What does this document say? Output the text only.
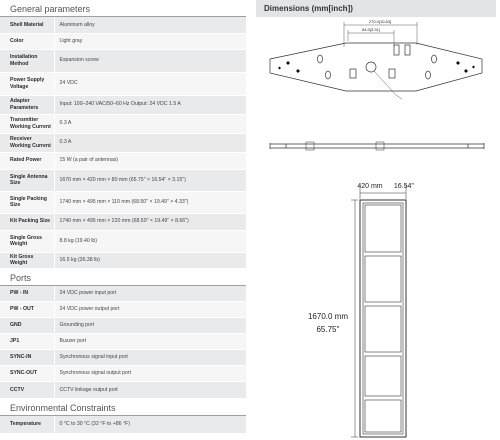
General parameters
Shell Material	Aluminum alloy
Color	Light gray
Installation Method	Expansion screw
Power Supply Voltage	24 VDC
Adapter Parameters	Input: 100–240 VAC/50–60 Hz Output: 24 VDC 1.5 A
Transmitter Working Current	0.3 A
Receiver Working Current	0.3 A
Rated Power	15 W (a pair of antennas)
Single Antenna Size	1670 mm × 420 mm × 80 mm (65.75" × 16.54" × 3.15")
Single Packing Size	1740 mm × 495 mm × 110 mm (68.50" × 19.49" × 4.33")
Kit Packing Size	1740 mm × 495 mm × 220 mm (68.50" × 19.49" × 8.66")
Single Gross Weight	8.8 kg (19.40 lb)
Kit Gross Weight	16.5 kg (36.38 lb)
Ports
PW - IN	24 VDC power input port
PW - OUT	24 VDC power output port
GND	Grounding port
JP1	Buzzer port
SYNC-IN	Synchronous signal input port
SYNC-OUT	Synchronous signal output port
CCTV	CCTV linkage output port
Environmental Constraints
Temperature	0 °C to 30 °C (32 °F to +86 °F)
Dimensions (mm[inch])
270.0[10.63]
84.0[3.31]
420 mm 16.54''
1670.0 mm
65.75''
